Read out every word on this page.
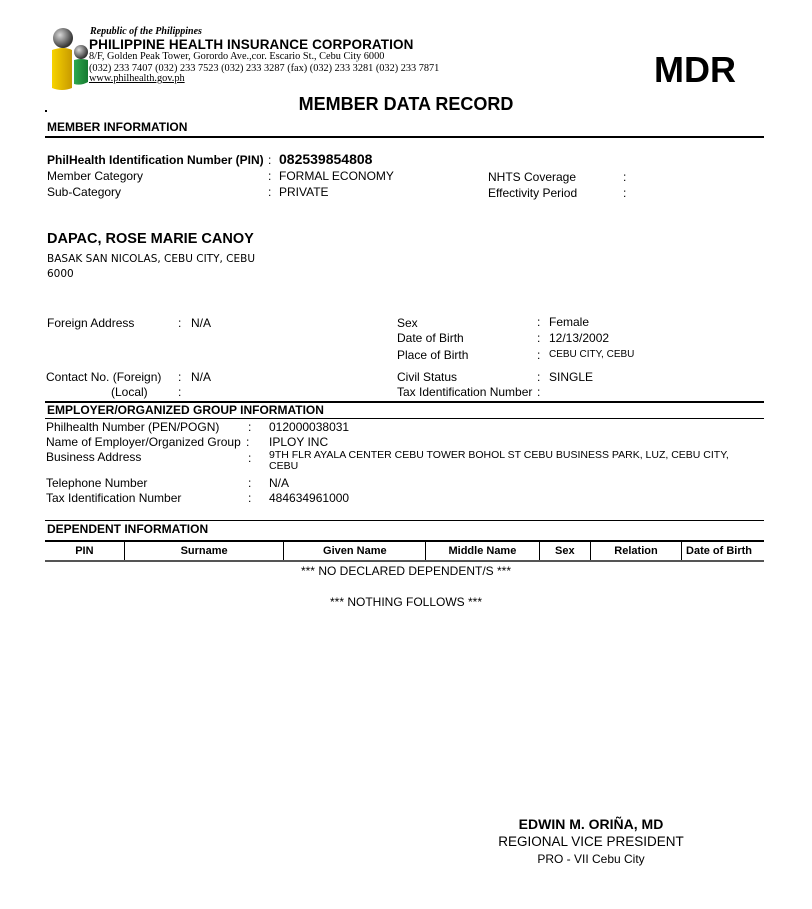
Republic of the Philippines
PHILIPPINE HEALTH INSURANCE CORPORATION
8/F, Golden Peak Tower, Gorordo Ave.,cor. Escario St., Cebu City 6000
(032) 233 7407 (032) 233 7523 (032) 233 3287 (fax) (032) 233 3281 (032) 233 7871
www.philhealth.gov.ph	MDR
MEMBER DATA RECORD
MEMBER INFORMATION
PhilHealth Identification Number (PIN) : 082539854808
Member Category	: FORMAL ECONOMY	NHTS Coverage	:
Sub-Category	: PRIVATE	Effectivity Period	:
DAPAC, ROSE MARIE CANOY
BASAK SAN NICOLAS, CEBU CITY, CEBU
6000
Foreign Address	: N/A
Contact No. (Foreign) : N/A
(Local)	:
Sex	: Female
Date of Birth	: 12/13/2002
Place of Birth	: CEBU CITY, CEBU
Civil Status	: SINGLE
Tax Identification Number :
EMPLOYER/ORGANIZED GROUP INFORMATION
Philhealth Number (PEN/POGN) : 012000038031
Name of Employer/Organized Group : IPLOY INC
Business Address	: 9TH FLR AYALA CENTER CEBU TOWER BOHOL ST CEBU BUSINESS PARK, LUZ, CEBU CITY,
CEBU
Telephone Number	: N/A
Tax Identification Number	: 484634961000
DEPENDENT INFORMATION
PIN	Surname	Given Name	Middle Name	Sex	Relation	Date of Birth
*** NO DECLARED DEPENDENT/S ***
*** NOTHING FOLLOWS ***
EDWIN M. ORIÑA, MD
REGIONAL VICE PRESIDENT
PRO - VII Cebu City
